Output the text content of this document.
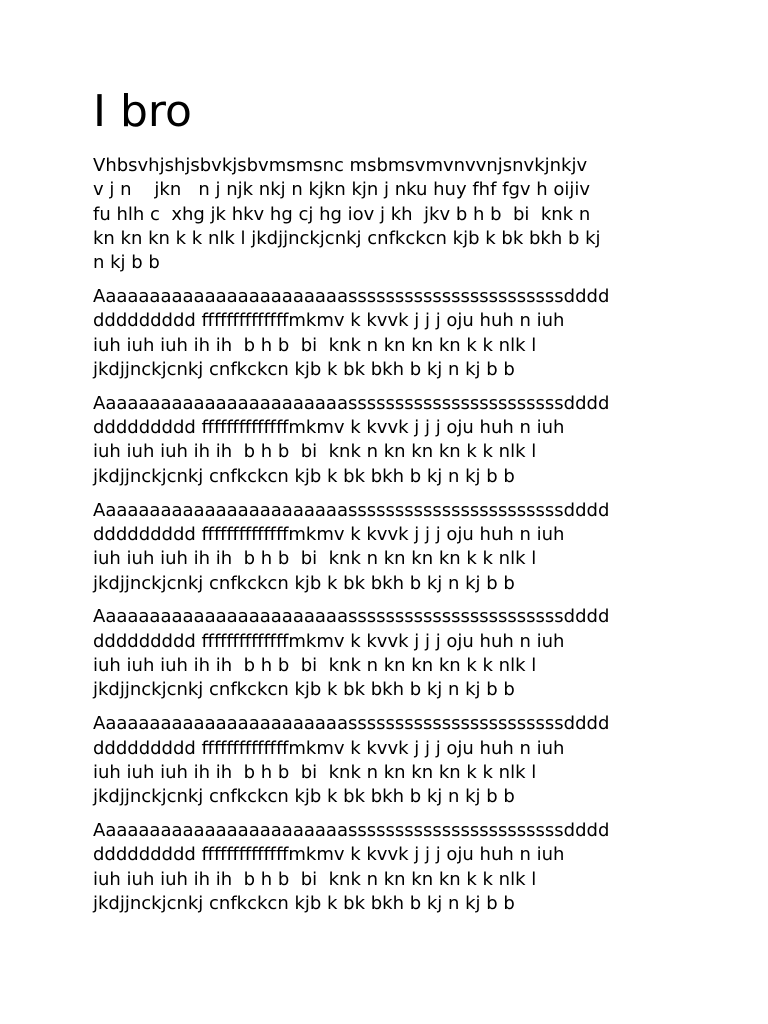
I bro
Vhbsvhjshjsbvkjsbvmsmsnc msbmsvmvnvvnjsnvkjnkjv
v j n    jkn   n j njk nkj n kjkn kjn j nku huy fhf fgv h oijiv
fu hlh c  xhg jk hkv hg cj hg iov j kh  jkv b h b  bi  knk n
kn kn kn k k nlk l jkdjjnckjcnkj cnfkckcn kjb k bk bkh b kj
n kj b b
Aaaaaaaaaaaaaaaaaaaaaaasssssssssssssssssssssssdddd
ddddddddd ffffffffffffffmkmv k kvvk j j j oju huh n iuh
iuh iuh iuh ih ih  b h b  bi  knk n kn kn kn k k nlk l
jkdjjnckjcnkj cnfkckcn kjb k bk bkh b kj n kj b b
Aaaaaaaaaaaaaaaaaaaaaaasssssssssssssssssssssssdddd
ddddddddd ffffffffffffffmkmv k kvvk j j j oju huh n iuh
iuh iuh iuh ih ih  b h b  bi  knk n kn kn kn k k nlk l
jkdjjnckjcnkj cnfkckcn kjb k bk bkh b kj n kj b b
Aaaaaaaaaaaaaaaaaaaaaaasssssssssssssssssssssssdddd
ddddddddd ffffffffffffffmkmv k kvvk j j j oju huh n iuh
iuh iuh iuh ih ih  b h b  bi  knk n kn kn kn k k nlk l
jkdjjnckjcnkj cnfkckcn kjb k bk bkh b kj n kj b b
Aaaaaaaaaaaaaaaaaaaaaaasssssssssssssssssssssssdddd
ddddddddd ffffffffffffffmkmv k kvvk j j j oju huh n iuh
iuh iuh iuh ih ih  b h b  bi  knk n kn kn kn k k nlk l
jkdjjnckjcnkj cnfkckcn kjb k bk bkh b kj n kj b b
Aaaaaaaaaaaaaaaaaaaaaaasssssssssssssssssssssssdddd
ddddddddd ffffffffffffffmkmv k kvvk j j j oju huh n iuh
iuh iuh iuh ih ih  b h b  bi  knk n kn kn kn k k nlk l
jkdjjnckjcnkj cnfkckcn kjb k bk bkh b kj n kj b b
Aaaaaaaaaaaaaaaaaaaaaaasssssssssssssssssssssssdddd
ddddddddd ffffffffffffffmkmv k kvvk j j j oju huh n iuh
iuh iuh iuh ih ih  b h b  bi  knk n kn kn kn k k nlk l
jkdjjnckjcnkj cnfkckcn kjb k bk bkh b kj n kj b b
